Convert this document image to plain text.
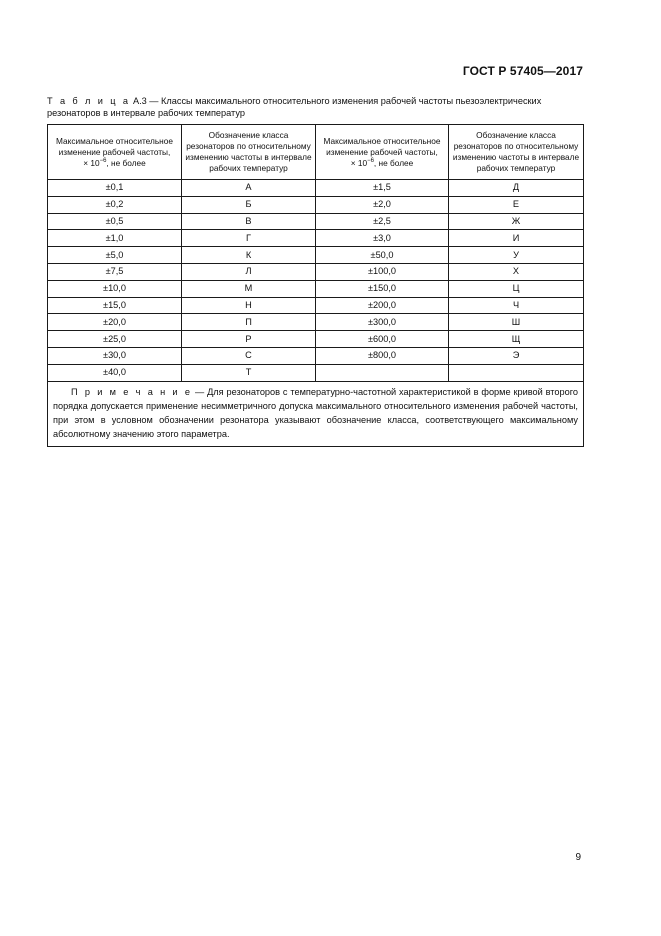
ГОСТ Р 57405—2017
Т а б л и ц а А.3 — Классы максимального относительного изменения рабочей частоты пьезоэлектрических резонаторов в интервале рабочих температур
Максимальное относительное изменение рабочей частоты,
× $10^{-6}$, не более	Обозначение класса резонаторов по относительному изменению частоты в интервале рабочих температур	Максимальное относительное изменение рабочей частоты,
× $10^{-6}$, не более	Обозначение класса резонаторов по относительному изменению частоты в интервале рабочих температур
±0,1	А	±1,5	Д
±0,2	Б	±2,0	Е
±0,5	В	±2,5	Ж
±1,0	Г	±3,0	И
±5,0	К	±50,0	У
±7,5	Л	±100,0	Х
±10,0	М	±150,0	Ц
±15,0	Н	±200,0	Ч
±20,0	П	±300,0	Ш
±25,0	Р	±600,0	Щ
±30,0	С	±800,0	Э
±40,0	Т		
П р и м е ч а н и е — Для резонаторов с температурно-частотной характеристикой в форме кривой второго порядка допускается применение несимметричного допуска максимального относительного изменения рабочей частоты, при этом в условном обозначении резонатора указывают обозначение класса, соответствующего максимальному абсолютному значению этого параметра.			
9
